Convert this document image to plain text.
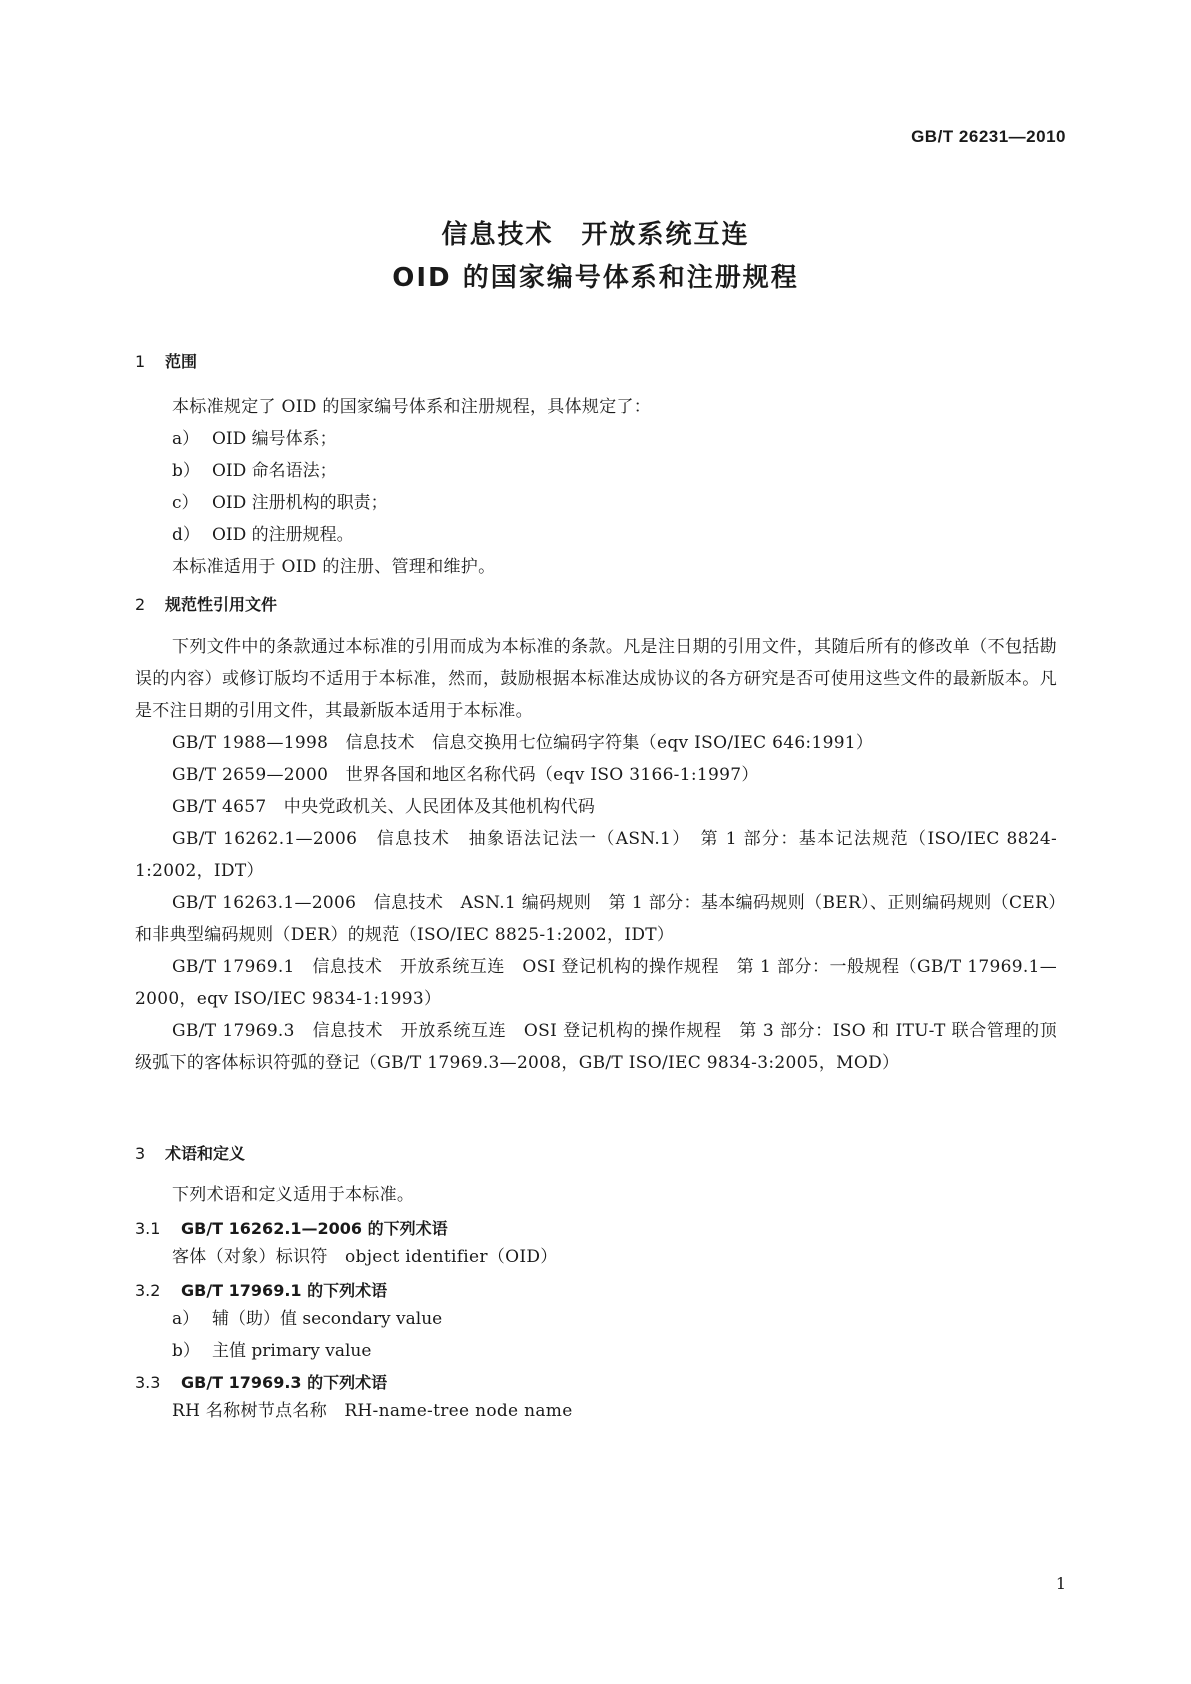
GB/T 26231—2010
信息技术 开放系统互连
OID 的国家编号体系和注册规程
1 范围
本标准规定了 OID 的国家编号体系和注册规程，具体规定了：
a） OID 编号体系；
b） OID 命名语法；
c） OID 注册机构的职责；
d） OID 的注册规程。
本标准适用于 OID 的注册、管理和维护。
2 规范性引用文件
下列文件中的条款通过本标准的引用而成为本标准的条款。凡是注日期的引用文件，其随后所有的修改单（不包括勘误的内容）或修订版均不适用于本标准，然而，鼓励根据本标准达成协议的各方研究是否可使用这些文件的最新版本。凡是不注日期的引用文件，其最新版本适用于本标准。
GB/T 1988—1998　信息技术　信息交换用七位编码字符集（eqv ISO/IEC 646:1991）
GB/T 2659—2000　世界各国和地区名称代码（eqv ISO 3166-1:1997）
GB/T 4657　中央党政机关、人民团体及其他机构代码
GB/T 16262.1—2006　信息技术　抽象语法记法一（ASN.1）　第 1 部分：基本记法规范（ISO/IEC 8824-1:2002，IDT）
GB/T 16263.1—2006　信息技术　ASN.1 编码规则　第 1 部分：基本编码规则（BER）、正则编码规则（CER）和非典型编码规则（DER）的规范（ISO/IEC 8825-1:2002，IDT）
GB/T 17969.1　信息技术　开放系统互连　OSI 登记机构的操作规程　第 1 部分：一般规程（GB/T 17969.1—2000，eqv ISO/IEC 9834-1:1993）
GB/T 17969.3　信息技术　开放系统互连　OSI 登记机构的操作规程　第 3 部分：ISO 和 ITU-T 联合管理的顶级弧下的客体标识符弧的登记（GB/T 17969.3—2008，GB/T ISO/IEC 9834-3:2005，MOD）
3 术语和定义
下列术语和定义适用于本标准。
3.1 GB/T 16262.1—2006 的下列术语
客体（对象）标识符　object identifier（OID）
3.2 GB/T 17969.1 的下列术语
a） 辅（助）值 secondary value
b） 主值 primary value
3.3 GB/T 17969.3 的下列术语
RH 名称树节点名称　RH-name-tree node name
1
